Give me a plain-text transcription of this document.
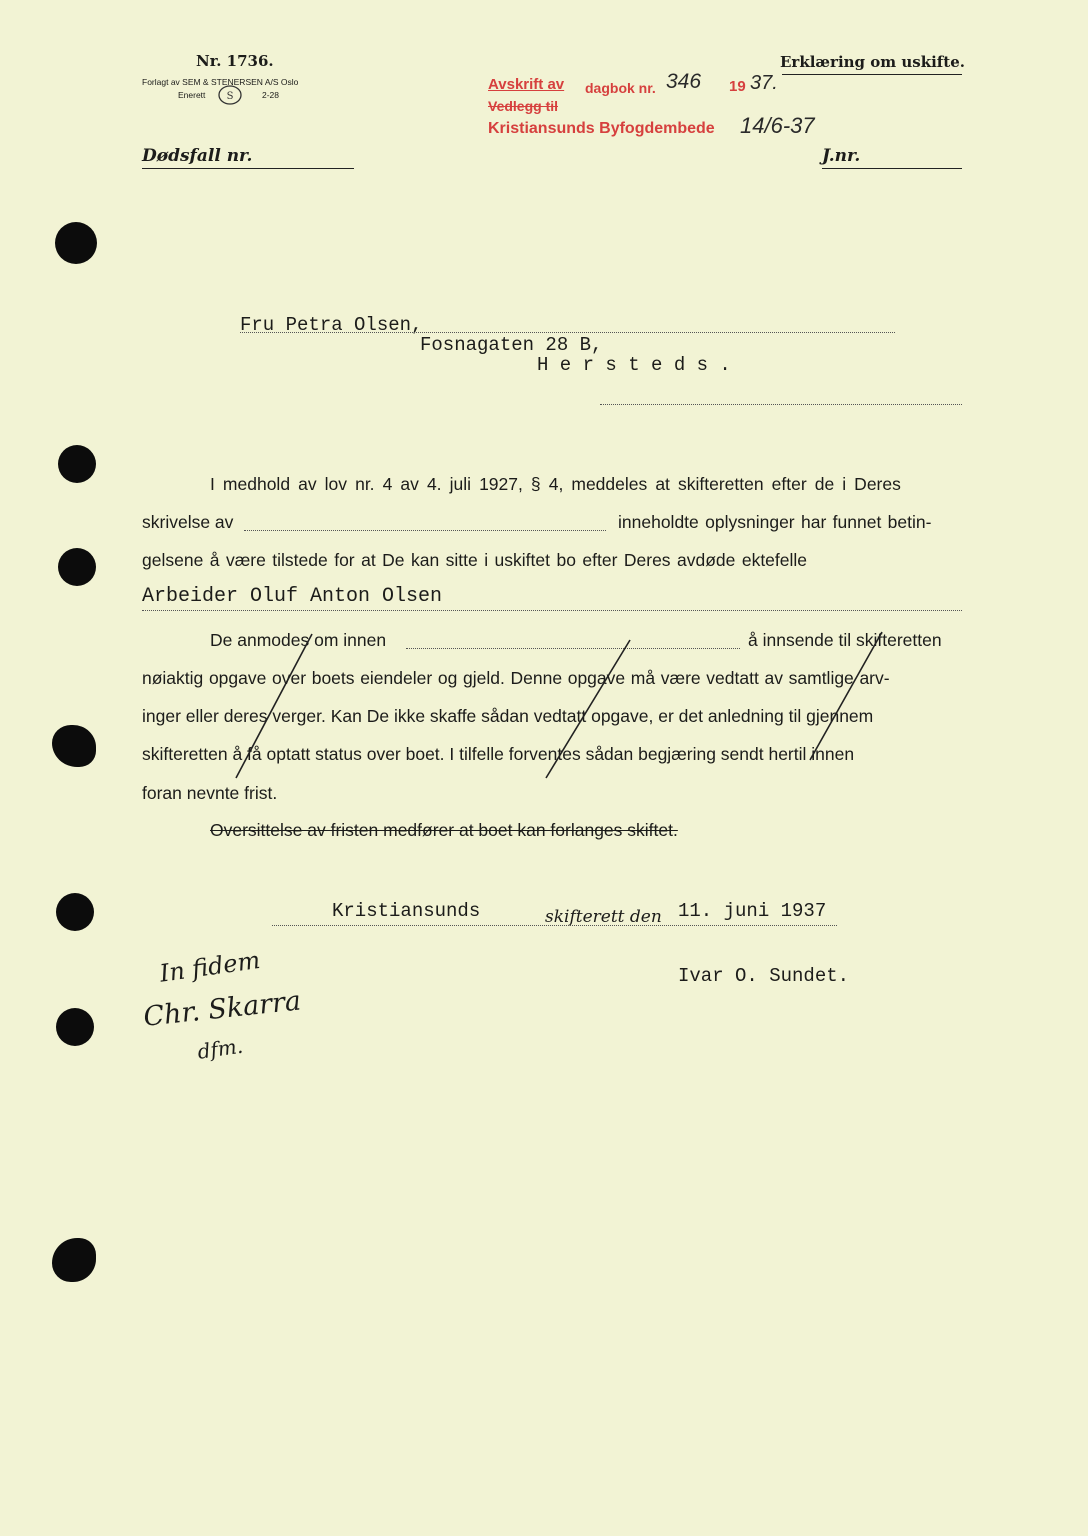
Nr. 1736.
Forlagt av SEM & STENERSEN A/S Oslo
Enerett S	2-28
Erklæring om uskifte.
Avskrift av dagbok nr. 346 19 37.
Vedlegg til
Kristiansunds Byfogdembede 14/6-37
Dødsfall nr.	J.nr.
Fru Petra Olsen,
Fosnagaten 28 B,
H e r s t e d s .
I medhold av lov nr. 4 av 4. juli 1927, § 4, meddeles at skifteretten efter de i Deres
skrivelse av	inneholdte oplysninger har funnet betin-
gelsene å være tilstede for at De kan sitte i uskiftet bo efter Deres avdøde ektefelle
Arbeider Oluf Anton Olsen
De anmodes om innen	å innsende til skifteretten
nøiaktig opgave over boets eiendeler og gjeld. Denne opgave må være vedtatt av samtlige arv-
inger eller deres verger. Kan De ikke skaffe sådan vedtatt opgave, er det anledning til gjennem
skifteretten å få optatt status over boet. I tilfelle forventes sådan begjæring sendt hertil innen
foran nevnte frist.
Oversittelse av fristen medfører at boet kan forlanges skiftet.
Kristiansunds	skifterett den 11. juni 1937
Ivar O. Sundet.
In fidem
Chr. Skarra
dfm.
